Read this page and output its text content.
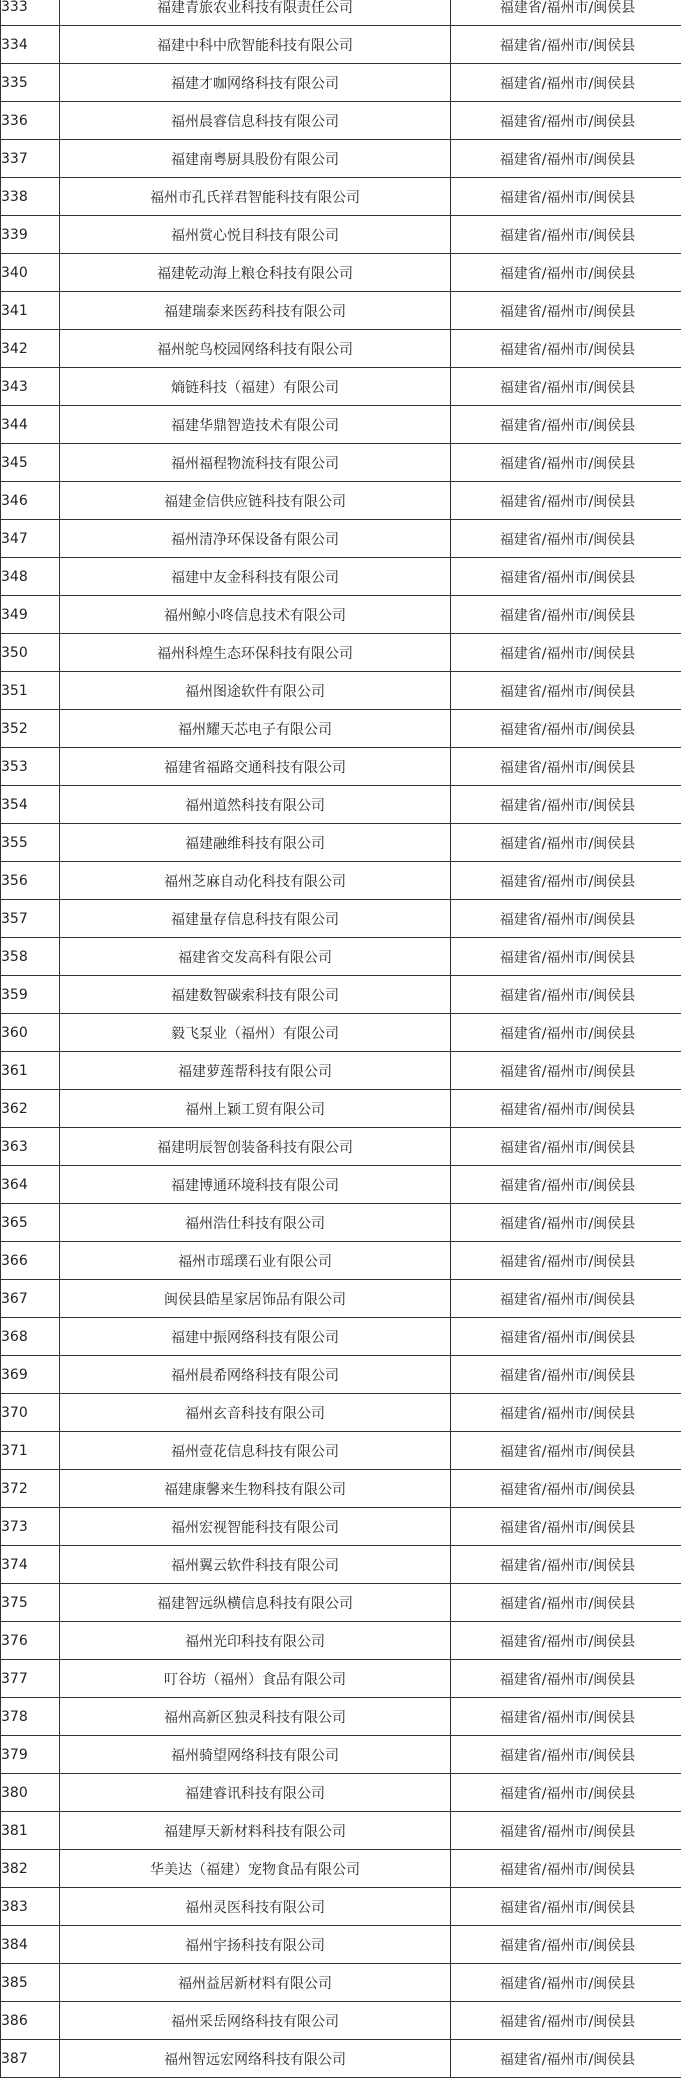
333	福建青旅农业科技有限责任公司	福建省/福州市/闽侯县
334	福建中科中欣智能科技有限公司	福建省/福州市/闽侯县
335	福建才咖网络科技有限公司	福建省/福州市/闽侯县
336	福州晨睿信息科技有限公司	福建省/福州市/闽侯县
337	福建南粤厨具股份有限公司	福建省/福州市/闽侯县
338	福州市孔氏祥君智能科技有限公司	福建省/福州市/闽侯县
339	福州赏心悦目科技有限公司	福建省/福州市/闽侯县
340	福建乾动海上粮仓科技有限公司	福建省/福州市/闽侯县
341	福建瑞泰来医药科技有限公司	福建省/福州市/闽侯县
342	福州鸵鸟校园网络科技有限公司	福建省/福州市/闽侯县
343	熵链科技（福建）有限公司	福建省/福州市/闽侯县
344	福建华鼎智造技术有限公司	福建省/福州市/闽侯县
345	福州福程物流科技有限公司	福建省/福州市/闽侯县
346	福建金信供应链科技有限公司	福建省/福州市/闽侯县
347	福州清净环保设备有限公司	福建省/福州市/闽侯县
348	福建中友金科科技有限公司	福建省/福州市/闽侯县
349	福州鲸小咚信息技术有限公司	福建省/福州市/闽侯县
350	福州科煌生态环保科技有限公司	福建省/福州市/闽侯县
351	福州图途软件有限公司	福建省/福州市/闽侯县
352	福州耀天芯电子有限公司	福建省/福州市/闽侯县
353	福建省福路交通科技有限公司	福建省/福州市/闽侯县
354	福州道然科技有限公司	福建省/福州市/闽侯县
355	福建融维科技有限公司	福建省/福州市/闽侯县
356	福州芝麻自动化科技有限公司	福建省/福州市/闽侯县
357	福建量存信息科技有限公司	福建省/福州市/闽侯县
358	福建省交发高科有限公司	福建省/福州市/闽侯县
359	福建数智碳索科技有限公司	福建省/福州市/闽侯县
360	毅飞泵业（福州）有限公司	福建省/福州市/闽侯县
361	福建萝莲帮科技有限公司	福建省/福州市/闽侯县
362	福州上颖工贸有限公司	福建省/福州市/闽侯县
363	福建明辰智创装备科技有限公司	福建省/福州市/闽侯县
364	福建博通环境科技有限公司	福建省/福州市/闽侯县
365	福州浩仕科技有限公司	福建省/福州市/闽侯县
366	福州市瑶璞石业有限公司	福建省/福州市/闽侯县
367	闽侯县皓星家居饰品有限公司	福建省/福州市/闽侯县
368	福建中振网络科技有限公司	福建省/福州市/闽侯县
369	福州晨希网络科技有限公司	福建省/福州市/闽侯县
370	福州玄音科技有限公司	福建省/福州市/闽侯县
371	福州壹花信息科技有限公司	福建省/福州市/闽侯县
372	福建康馨来生物科技有限公司	福建省/福州市/闽侯县
373	福州宏视智能科技有限公司	福建省/福州市/闽侯县
374	福州翼云软件科技有限公司	福建省/福州市/闽侯县
375	福建智远纵横信息科技有限公司	福建省/福州市/闽侯县
376	福州光印科技有限公司	福建省/福州市/闽侯县
377	叮谷坊（福州）食品有限公司	福建省/福州市/闽侯县
378	福州高新区独灵科技有限公司	福建省/福州市/闽侯县
379	福州骑望网络科技有限公司	福建省/福州市/闽侯县
380	福建睿讯科技有限公司	福建省/福州市/闽侯县
381	福建厚天新材料科技有限公司	福建省/福州市/闽侯县
382	华美达（福建）宠物食品有限公司	福建省/福州市/闽侯县
383	福州灵医科技有限公司	福建省/福州市/闽侯县
384	福州宇扬科技有限公司	福建省/福州市/闽侯县
385	福州益居新材料有限公司	福建省/福州市/闽侯县
386	福州采岳网络科技有限公司	福建省/福州市/闽侯县
387	福州智远宏网络科技有限公司	福建省/福州市/闽侯县
